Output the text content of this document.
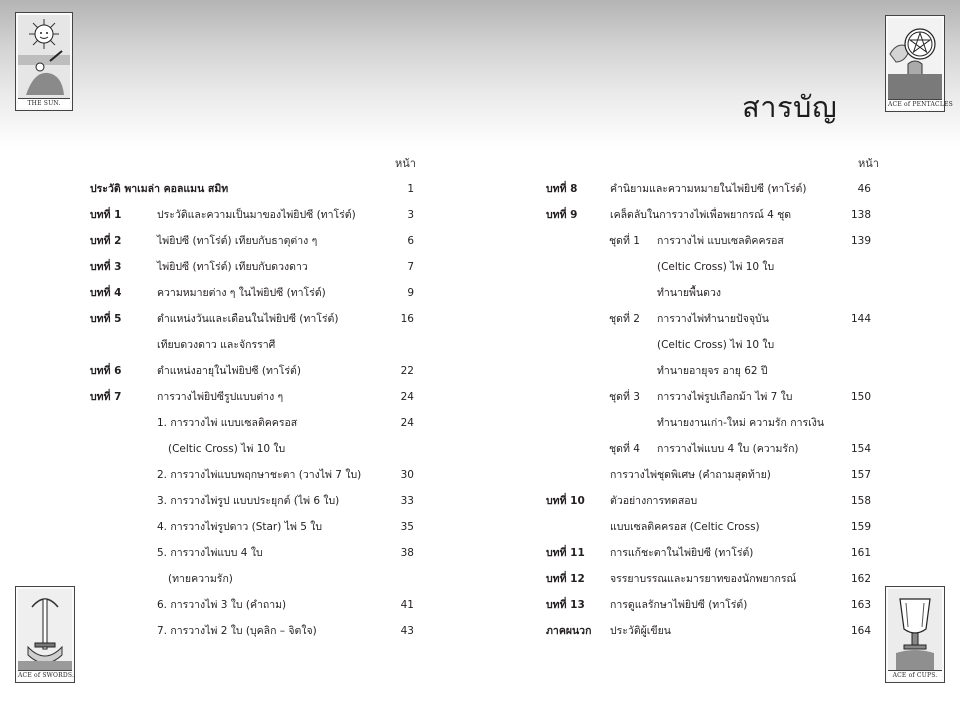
THE SUN.	ACE of PENTACLES
ACE of SWORDS.	ACE of CUPS.
สารบัญ
หน้า
ประวัติ พาเมล่า คอลแมน สมิท	1
บทที่ 1	ประวัติและความเป็นมาของไพ่ยิปซี (ทาโร่ต์)	3
บทที่ 2	ไพ่ยิปซี (ทาโร่ต์) เทียบกับธาตุต่าง ๆ	6
บทที่ 3	ไพ่ยิปซี (ทาโร่ต์) เทียบกับดวงดาว	7
บทที่ 4	ความหมายต่าง ๆ ในไพ่ยิปซี (ทาโร่ต์)	9
บทที่ 5	ตำแหน่งวันและเดือนในไพ่ยิปซี (ทาโร่ต์)	16
เทียบดวงดาว และจักรราศี
บทที่ 6	ตำแหน่งอายุในไพ่ยิปซี (ทาโร่ต์)	22
บทที่ 7	การวางไพ่ยิปซีรูปแบบต่าง ๆ	24
1. การวางไพ่ แบบเซลติคครอส	24
(Celtic Cross) ไพ่ 10 ใบ
2. การวางไพ่แบบพฤกษาชะตา (วางไพ่ 7 ใบ)	30
3. การวางไพ่รูป แบบประยุกต์ (ไพ่ 6 ใบ)	33
4. การวางไพ่รูปดาว (Star) ไพ่ 5 ใบ	35
5. การวางไพ่แบบ 4 ใบ	38
(ทายความรัก)
6. การวางไพ่ 3 ใบ (คำถาม)	41
7. การวางไพ่ 2 ใบ (บุคลิก – จิตใจ)	43
หน้า
บทที่ 8	คำนิยามและความหมายในไพ่ยิปซี (ทาโร่ต์)	46
บทที่ 9	เคล็ดลับในการวางไพ่เพื่อพยากรณ์ 4 ชุด	138
ชุดที่ 1 การวางไพ่ แบบเซลติคครอส	139
(Celtic Cross) ไพ่ 10 ใบ
ทำนายพื้นดวง
ชุดที่ 2 การวางไพ่ทำนายปัจจุบัน	144
(Celtic Cross) ไพ่ 10 ใบ
ทำนายอายุจร อายุ 62 ปี
ชุดที่ 3 การวางไพ่รูปเกือกม้า ไพ่ 7 ใบ	150
ทำนายงานเก่า-ใหม่ ความรัก การเงิน
ชุดที่ 4 การวางไพ่แบบ 4 ใบ (ความรัก)	154
การวางไพ่ชุดพิเศษ (คำถามสุดท้าย)	157
บทที่ 10 ตัวอย่างการทดสอบ	158
แบบเซลติคครอส (Celtic Cross)	159
บทที่ 11 การแก้ชะตาในไพ่ยิปซี (ทาโร่ต์)	161
บทที่ 12 จรรยาบรรณและมารยาทของนักพยากรณ์	162
บทที่ 13 การดูแลรักษาไพ่ยิปซี (ทาโร่ต์)	163
ภาคผนวก ประวัติผู้เขียน	164
